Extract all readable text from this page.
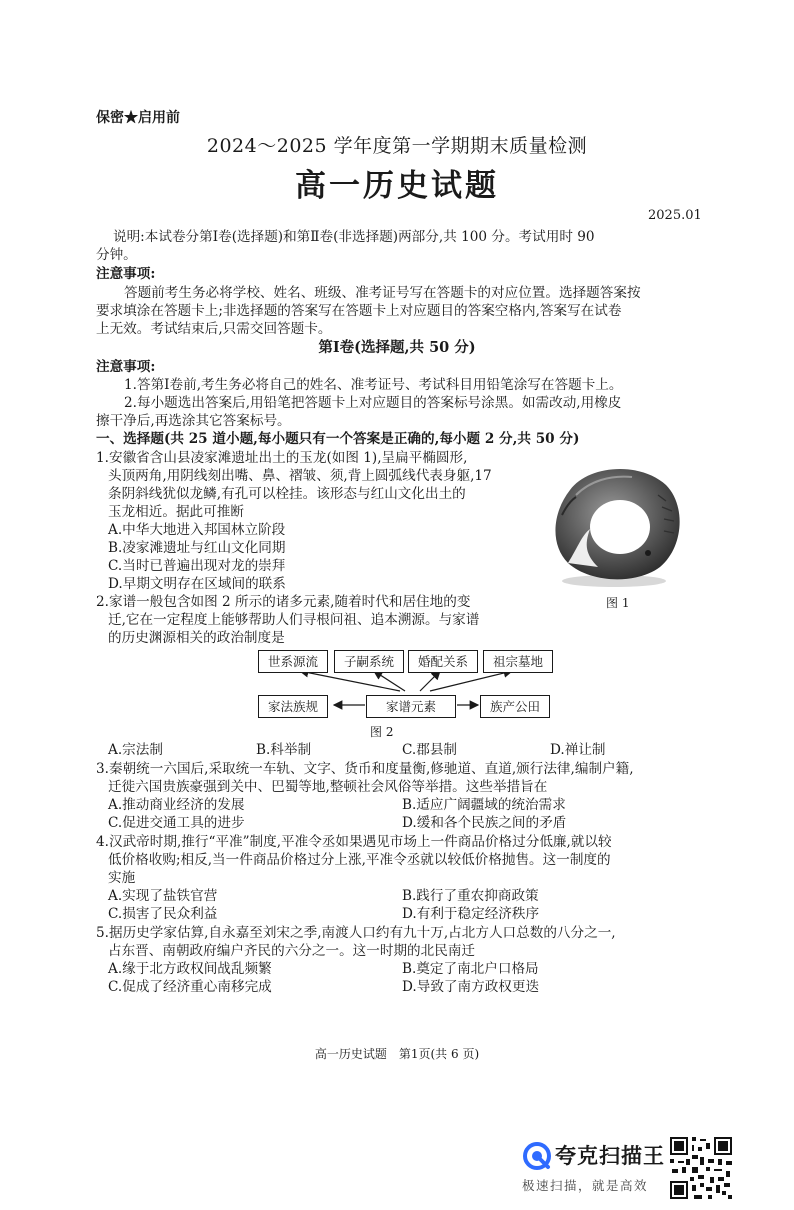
保密★启用前
2024～2025 学年度第一学期期末质量检测
高一历史试题
2025.01
说明:本试卷分第Ⅰ卷(选择题)和第Ⅱ卷(非选择题)两部分,共 100 分。考试用时 90
分钟。
注意事项:
答题前考生务必将学校、姓名、班级、准考证号写在答题卡的对应位置。选择题答案按
要求填涂在答题卡上;非选择题的答案写在答题卡上对应题目的答案空格内,答案写在试卷
上无效。考试结束后,只需交回答题卡。
第Ⅰ卷(选择题,共 50 分)
注意事项:
1.答第Ⅰ卷前,考生务必将自己的姓名、准考证号、考试科目用铅笔涂写在答题卡上。
2.每小题选出答案后,用铅笔把答题卡上对应题目的答案标号涂黑。如需改动,用橡皮
擦干净后,再选涂其它答案标号。
一、选择题(共 25 道小题,每小题只有一个答案是正确的,每小题 2 分,共 50 分)
1.安徽省含山县凌家滩遗址出土的玉龙(如图 1),呈扁平椭圆形,
头顶两角,用阴线刻出嘴、鼻、褶皱、须,背上圆弧线代表身躯,17
条阴斜线犹似龙鳞,有孔可以栓挂。该形态与红山文化出土的
玉龙相近。据此可推断
A.中华大地进入邦国林立阶段
B.凌家滩遗址与红山文化同期
C.当时已普遍出现对龙的崇拜
D.早期文明存在区域间的联系
图 1
2.家谱一般包含如图 2 所示的诸多元素,随着时代和居住地的变
迁,它在一定程度上能够帮助人们寻根问祖、追本溯源。与家谱
的历史渊源相关的政治制度是
世系源流	子嗣系统	婚配关系	祖宗墓地
家法族规	家谱元素	族产公田
图 2
A.宗法制	B.科举制	C.郡县制	D.禅让制
3.秦朝统一六国后,采取统一车轨、文字、货币和度量衡,修驰道、直道,颁行法律,编制户籍,
迁徙六国贵族豪强到关中、巴蜀等地,整顿社会风俗等举措。这些举措旨在
A.推动商业经济的发展	B.适应广阔疆域的统治需求
C.促进交通工具的进步	D.缓和各个民族之间的矛盾
4.汉武帝时期,推行“平准”制度,平准令丞如果遇见市场上一件商品价格过分低廉,就以较
低价格收购;相反,当一件商品价格过分上涨,平准令丞就以较低价格抛售。这一制度的
实施
A.实现了盐铁官营	B.践行了重农抑商政策
C.损害了民众利益	D.有利于稳定经济秩序
5.据历史学家估算,自永嘉至刘宋之季,南渡人口约有九十万,占北方人口总数的八分之一,
占东晋、南朝政府编户齐民的六分之一。这一时期的北民南迁
A.缘于北方政权间战乱频繁	B.奠定了南北户口格局
C.促成了经济重心南移完成	D.导致了南方政权更迭
高一历史试题　第1页(共 6 页)
夸克扫描王
极速扫描，就是高效
